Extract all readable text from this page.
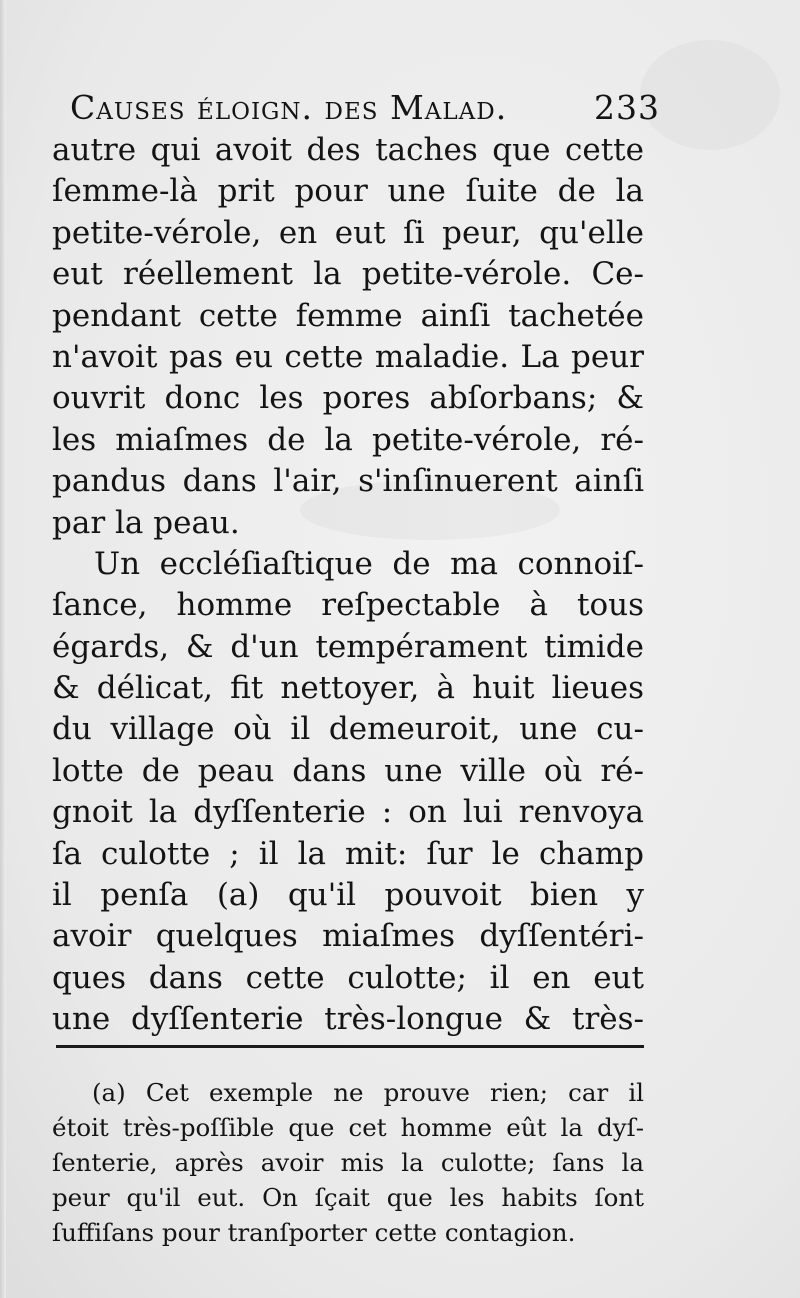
Causes éloign. des Malad.	233
autre qui avoit des taches que cette
ſemme-là prit pour une ſuite de la
petite-vérole, en eut ſi peur, qu'elle
eut réellement la petite-vérole. Ce-
pendant cette femme ainſi tachetée
n'avoit pas eu cette maladie. La peur
ouvrit donc les pores abſorbans; &
les miaſmes de la petite-vérole, ré-
pandus dans l'air, s'inſinuerent ainſi
par la peau.
Un eccléſiaſtique de ma connoiſ-
ſance, homme reſpectable à tous
égards, & d'un tempérament timide
& délicat, fit nettoyer, à huit lieues
du village où il demeuroit, une cu-
lotte de peau dans une ville où ré-
gnoit la dyſſenterie : on lui renvoya
ſa culotte ; il la mit: ſur le champ
il penſa (a) qu'il pouvoit bien y
avoir quelques miaſmes dyſſentéri-
ques dans cette culotte; il en eut
une dyſſenterie très-longue & très-
(a) Cet exemple ne prouve rien; car il
étoit très-poſſible que cet homme eût la dyſ-
ſenterie, après avoir mis la culotte; ſans la
peur qu'il eut. On ſçait que les habits ſont
ſuffiſans pour tranſporter cette contagion.
